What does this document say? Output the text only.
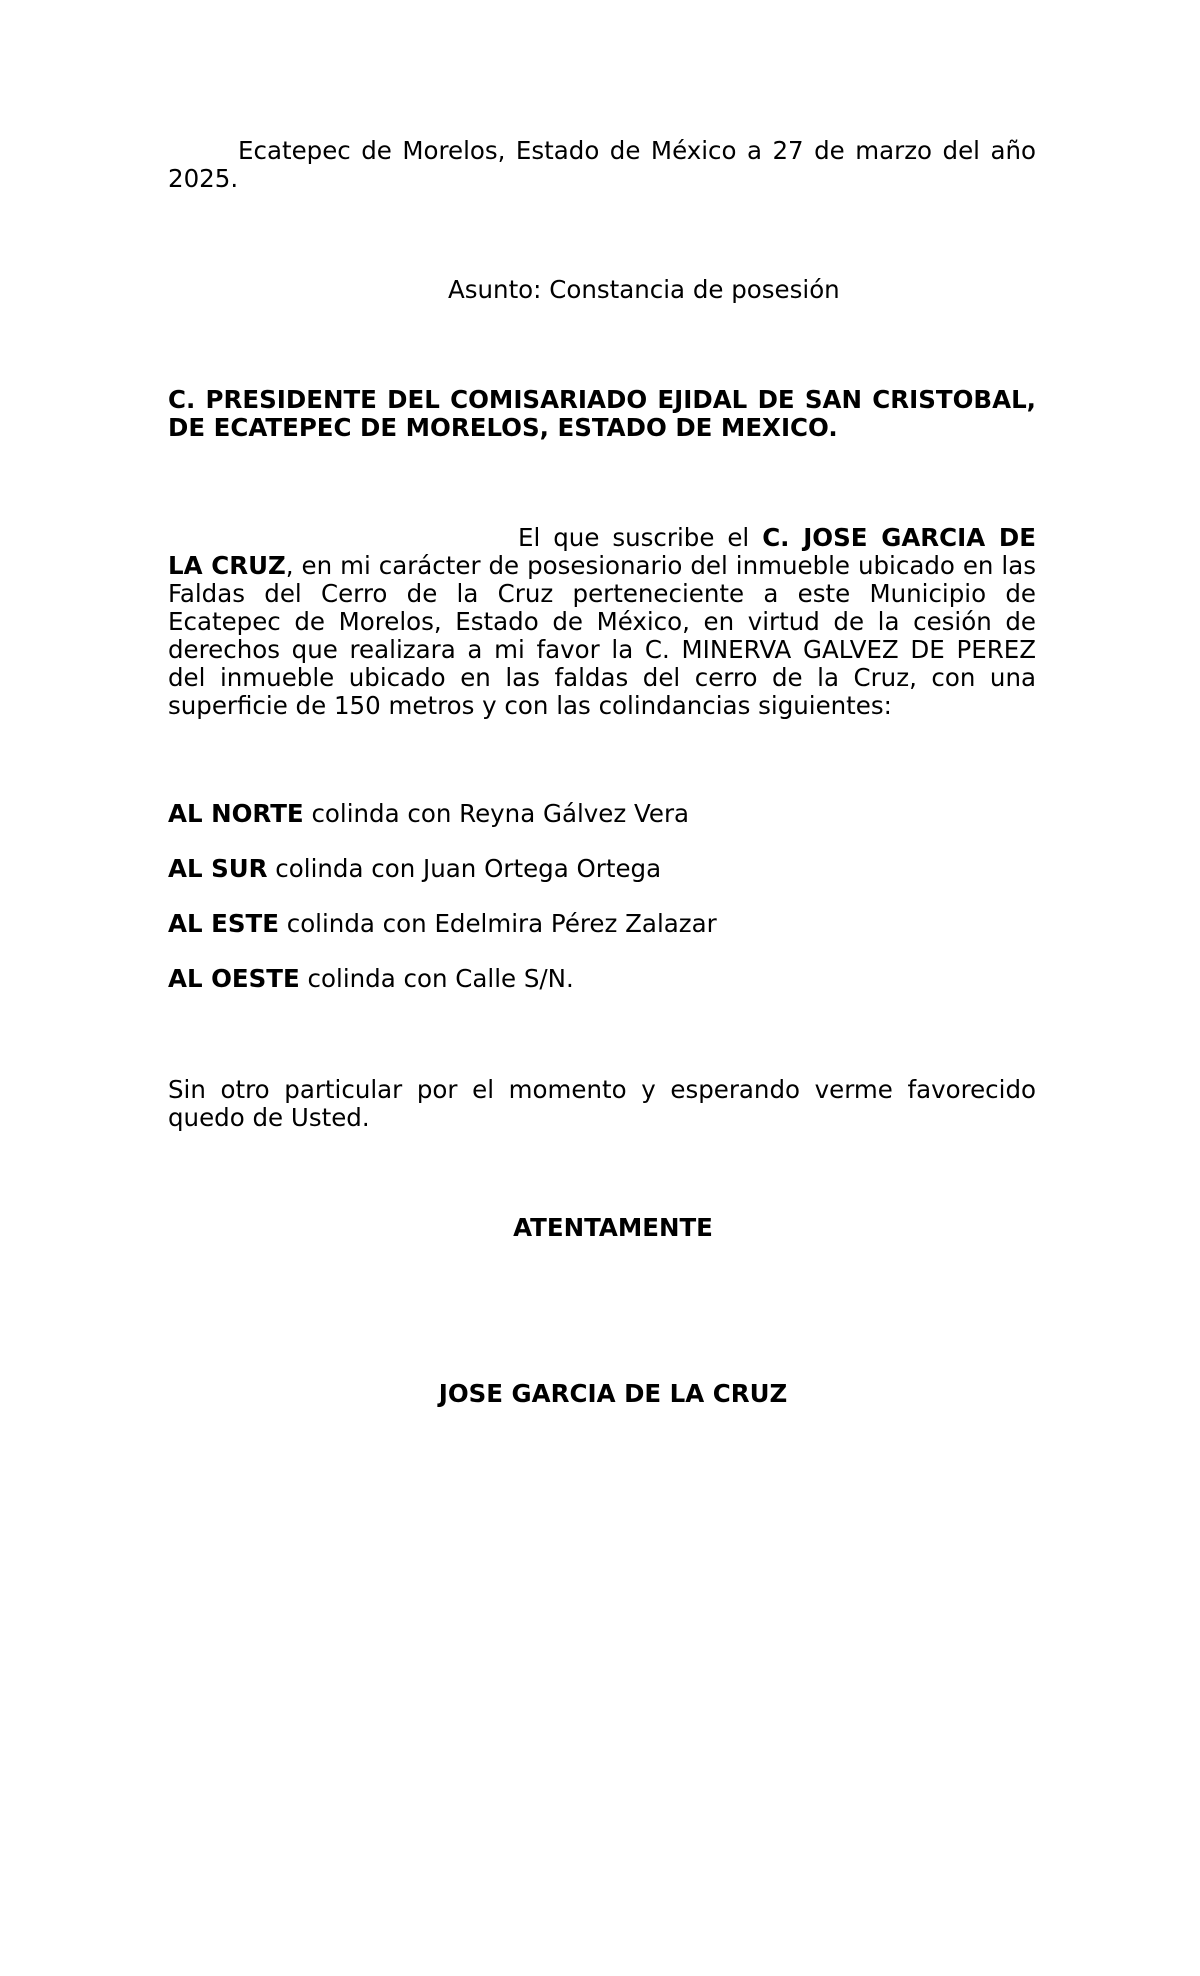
Ecatepec de Morelos, Estado de México a 27 de marzo del año 2025.
Asunto: Constancia de posesión
C. PRESIDENTE DEL COMISARIADO EJIDAL DE SAN CRISTOBAL, DE ECATEPEC DE MORELOS, ESTADO DE MEXICO.
El que suscribe el C. JOSE GARCIA DE LA CRUZ, en mi carácter de posesionario del inmueble ubicado en las Faldas del Cerro de la Cruz perteneciente a este Municipio de Ecatepec de Morelos, Estado de México, en virtud de la cesión de derechos que realizara a mi favor la C. MINERVA GALVEZ DE PEREZ del inmueble ubicado en las faldas del cerro de la Cruz, con una superficie de 150 metros y con las colindancias siguientes:
AL NORTE colinda con Reyna Gálvez Vera
AL SUR colinda con Juan Ortega Ortega
AL ESTE colinda con Edelmira Pérez Zalazar
AL OESTE colinda con Calle S/N.
Sin otro particular por el momento y esperando verme favorecido quedo de Usted.
ATENTAMENTE
JOSE GARCIA DE LA CRUZ
